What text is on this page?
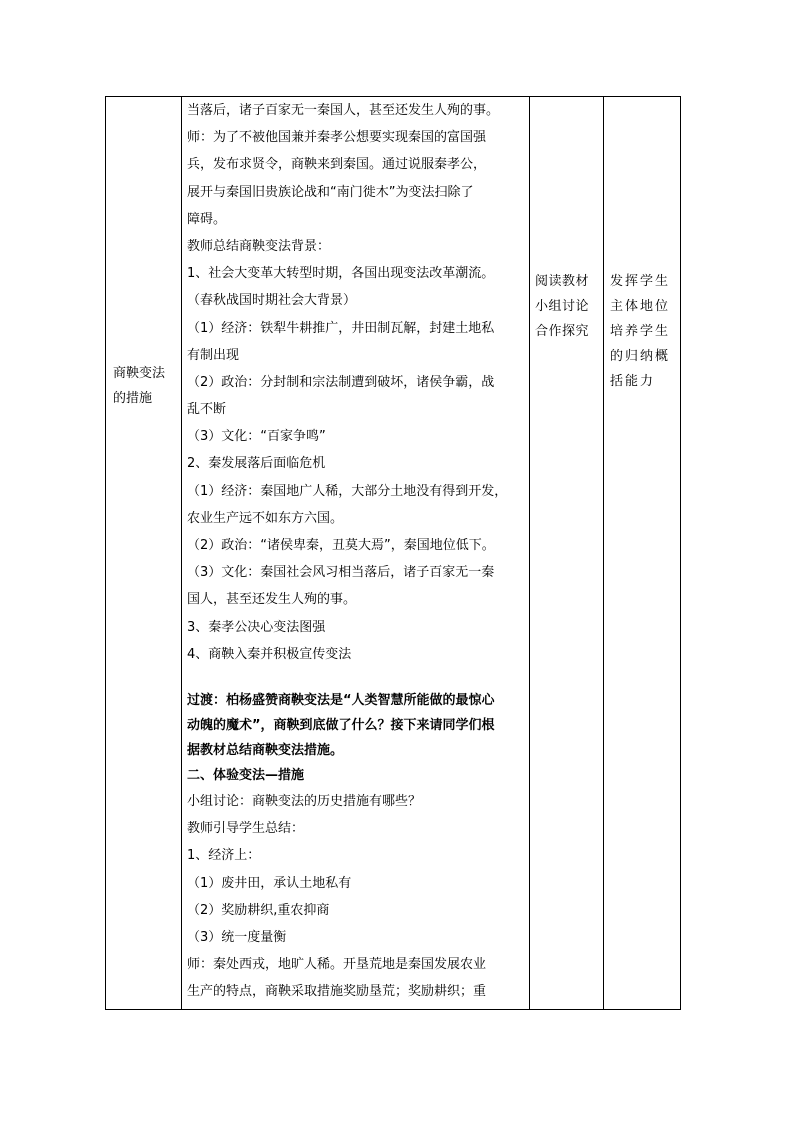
商鞅变法
的措施
当落后，诸子百家无一秦国人，甚至还发生人殉的事。
师：为了不被他国兼并秦孝公想要实现秦国的富国强
兵，发布求贤令，商鞅来到秦国。通过说服秦孝公，
展开与秦国旧贵族论战和“南门徙木”为变法扫除了
障碍。
教师总结商鞅变法背景：
1、社会大变革大转型时期，各国出现变法改革潮流。
（春秋战国时期社会大背景）
（1）经济：铁犁牛耕推广，井田制瓦解，封建土地私
有制出现
（2）政治：分封制和宗法制遭到破坏，诸侯争霸，战
乱不断
（3）文化：“百家争鸣”
2、秦发展落后面临危机
（1）经济：秦国地广人稀，大部分土地没有得到开发，
农业生产远不如东方六国。
（2）政治：“诸侯卑秦，丑莫大焉”，秦国地位低下。
（3）文化：秦国社会风习相当落后，诸子百家无一秦
国人，甚至还发生人殉的事。
3、秦孝公决心变法图强
4、商鞅入秦并积极宣传变法
过渡：柏杨盛赞商鞅变法是“人类智慧所能做的最惊心
动魄的魔术”，商鞅到底做了什么？接下来请同学们根
据教材总结商鞅变法措施。
二、体验变法—措施
小组讨论：商鞅变法的历史措施有哪些？
教师引导学生总结：
1、经济上：
（1）废井田，承认土地私有
（2）奖励耕织,重农抑商
（3）统一度量衡
师：秦处西戎，地旷人稀。开垦荒地是秦国发展农业
生产的特点，商鞅采取措施奖励垦荒；奖励耕织；重
阅读教材
小组讨论
合作探究
发挥学生
主体地位
培养学生
的归纳概
括能力
